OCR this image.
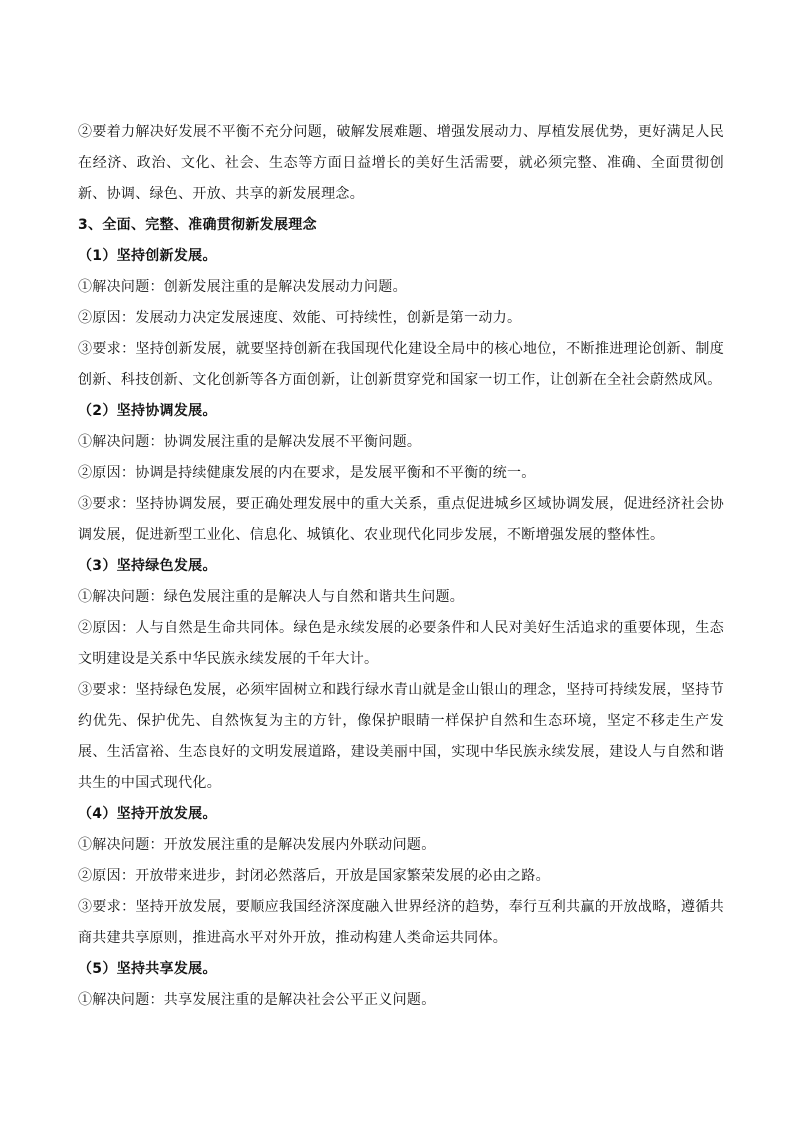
②要着力解决好发展不平衡不充分问题，破解发展难题、增强发展动力、厚植发展优势，更好满足人民在经济、政治、文化、社会、生态等方面日益增长的美好生活需要，就必须完整、准确、全面贯彻创新、协调、绿色、开放、共享的新发展理念。

3、全面、完整、准确贯彻新发展理念

（1）坚持创新发展。

①解决问题：创新发展注重的是解决发展动力问题。

②原因：发展动力决定发展速度、效能、可持续性，创新是第一动力。

③要求：坚持创新发展，就要坚持创新在我国现代化建设全局中的核心地位，不断推进理论创新、制度创新、科技创新、文化创新等各方面创新，让创新贯穿党和国家一切工作，让创新在全社会蔚然成风。

（2）坚持协调发展。

①解决问题：协调发展注重的是解决发展不平衡问题。

②原因：协调是持续健康发展的内在要求，是发展平衡和不平衡的统一。

③要求：坚持协调发展，要正确处理发展中的重大关系，重点促进城乡区域协调发展，促进经济社会协调发展，促进新型工业化、信息化、城镇化、农业现代化同步发展，不断增强发展的整体性。

（3）坚持绿色发展。

①解决问题：绿色发展注重的是解决人与自然和谐共生问题。

②原因：人与自然是生命共同体。绿色是永续发展的必要条件和人民对美好生活追求的重要体现，生态文明建设是关系中华民族永续发展的千年大计。

③要求：坚持绿色发展，必须牢固树立和践行绿水青山就是金山银山的理念，坚持可持续发展，坚持节约优先、保护优先、自然恢复为主的方针，像保护眼睛一样保护自然和生态环境，坚定不移走生产发展、生活富裕、生态良好的文明发展道路，建设美丽中国，实现中华民族永续发展，建设人与自然和谐共生的中国式现代化。

（4）坚持开放发展。

①解决问题：开放发展注重的是解决发展内外联动问题。

②原因：开放带来进步，封闭必然落后，开放是国家繁荣发展的必由之路。

③要求：坚持开放发展，要顺应我国经济深度融入世界经济的趋势，奉行互利共赢的开放战略，遵循共商共建共享原则，推进高水平对外开放，推动构建人类命运共同体。

（5）坚持共享发展。

①解决问题：共享发展注重的是解决社会公平正义问题。
